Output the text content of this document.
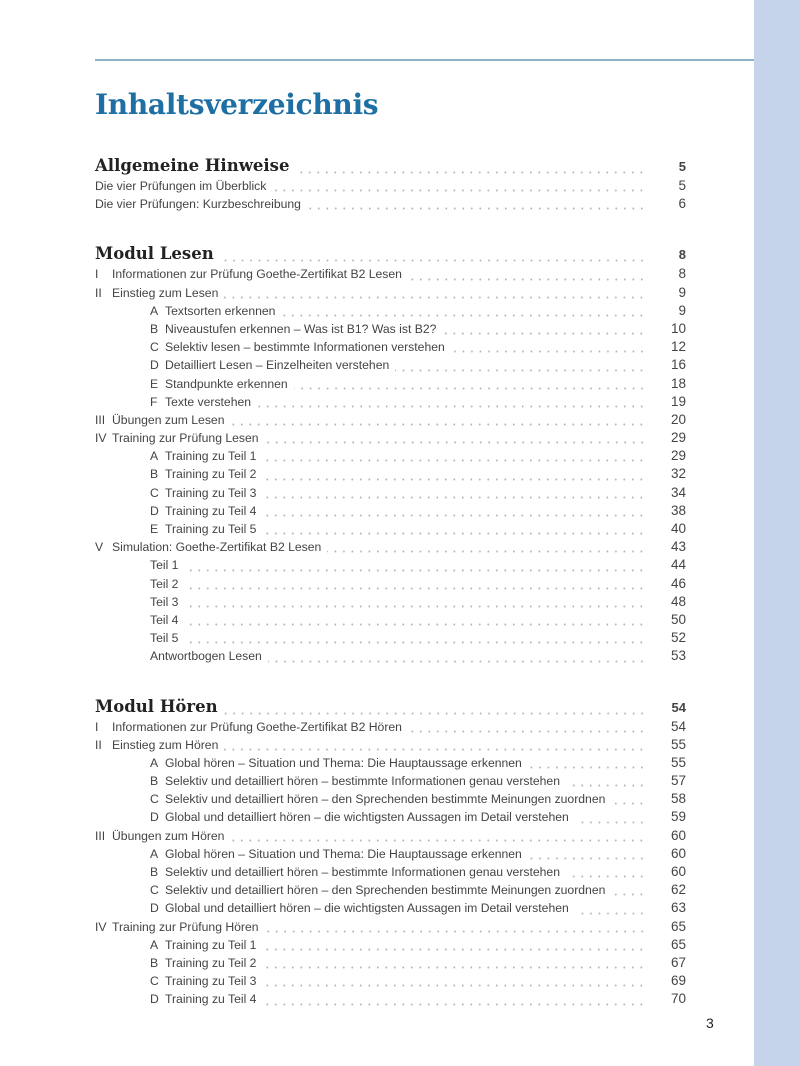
Inhaltsverzeichnis
Allgemeine Hinweise	5
Die vier Prüfungen im Überblick	5
Die vier Prüfungen: Kurzbeschreibung	6
Modul Lesen	8
I	Informationen zur Prüfung Goethe-Zertifikat B2 Lesen	8
II Einstieg zum Lesen	9
A Textsorten erkennen	9
B Niveaustufen erkennen – Was ist B1? Was ist B2?	10
C Selektiv lesen – bestimmte Informationen verstehen	12
D Detailliert Lesen – Einzelheiten verstehen	16
E Standpunkte erkennen	18
F Texte verstehen	19
III Übungen zum Lesen	20
IV Training zur Prüfung Lesen	29
A Training zu Teil 1	29
B Training zu Teil 2	32
C Training zu Teil 3	34
D Training zu Teil 4	38
E Training zu Teil 5	40
V Simulation: Goethe-Zertifikat B2 Lesen	43
Teil 1	44
Teil 2	46
Teil 3	48
Teil 4	50
Teil 5	52
Antwortbogen Lesen	53
Modul Hören	54
I	Informationen zur Prüfung Goethe-Zertifikat B2 Hören	54
II Einstieg zum Hören	55
A Global hören – Situation und Thema: Die Hauptaussage erkennen	55
B Selektiv und detailliert hören – bestimmte Informationen genau verstehen	57
C Selektiv und detailliert hören – den Sprechenden bestimmte Meinungen zuordnen	58
D Global und detailliert hören – die wichtigsten Aussagen im Detail verstehen	59
III Übungen zum Hören	60
A Global hören – Situation und Thema: Die Hauptaussage erkennen	60
B Selektiv und detailliert hören – bestimmte Informationen genau verstehen	60
C Selektiv und detailliert hören – den Sprechenden bestimmte Meinungen zuordnen	62
D Global und detailliert hören – die wichtigsten Aussagen im Detail verstehen	63
IV Training zur Prüfung Hören	65
A Training zu Teil 1	65
B Training zu Teil 2	67
C Training zu Teil 3	69
D Training zu Teil 4	70
3
